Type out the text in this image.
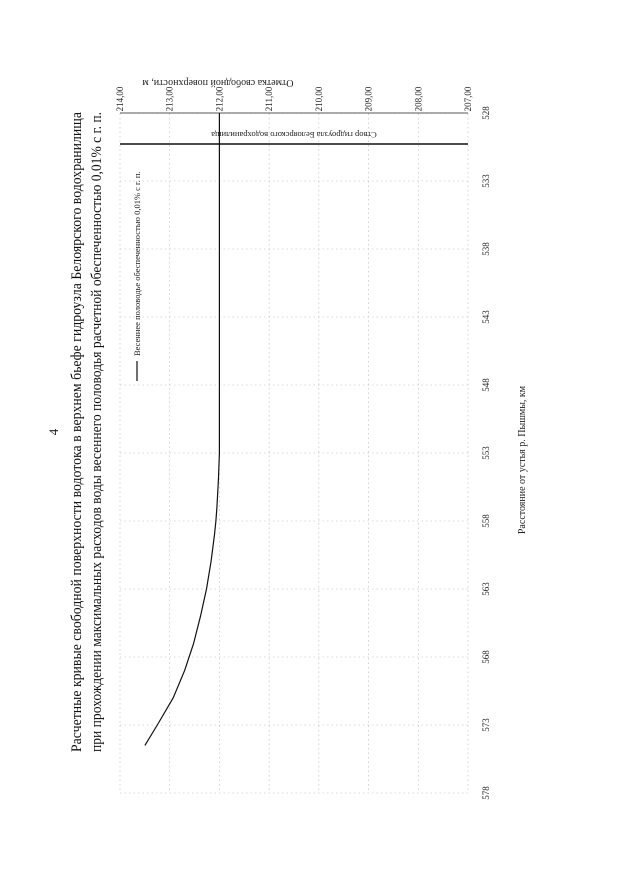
4 Расчетные кривые свободной поверхности водотока в верхнем бьефе гидроузла Белоярского водохранилища при прохождении максимальных расходов воды весеннего половодья расчетной обеспеченностью 0,01% с г. п.	207,00
208,00
209,00
210,00
211,00
212,00
213,00
214,00
578
573
568
563
558
553
548
543
538
533
528
Отметка свободной поверхности, м
Расстояние от устья р. Пышмы, км
Створ гидроузла Белоярского водохранилища
Весеннее половодье обеспеченностью 0,01% с г. п.
